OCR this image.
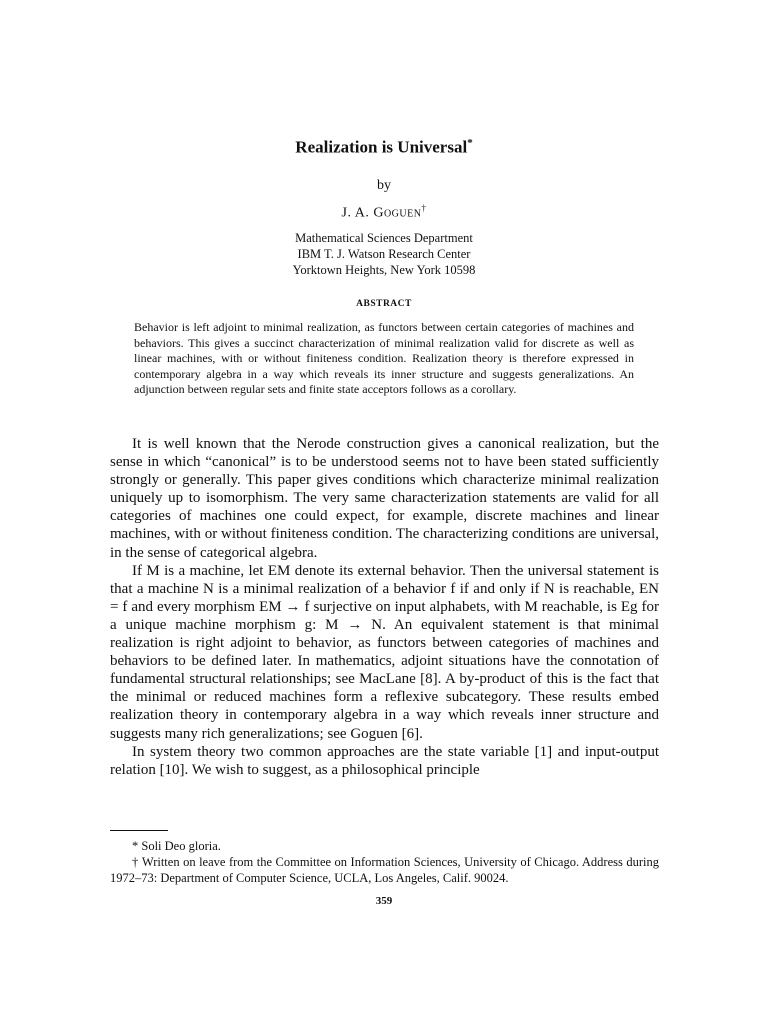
Realization is Universal*
by
J. A. Goguen†
Mathematical Sciences Department
IBM T. J. Watson Research Center
Yorktown Heights, New York 10598
ABSTRACT
Behavior is left adjoint to minimal realization, as functors between certain categories of machines and behaviors. This gives a succinct characterization of minimal realization valid for discrete as well as linear machines, with or without finiteness condition. Realization theory is therefore expressed in contemporary algebra in a way which reveals its inner structure and suggests generalizations. An adjunction between regular sets and finite state acceptors follows as a corollary.

It is well known that the Nerode construction gives a canonical realization, but the sense in which “canonical” is to be understood seems not to have been stated sufficiently strongly or generally. This paper gives conditions which characterize minimal realization uniquely up to isomorphism. The very same characterization statements are valid for all categories of machines one could expect, for example, discrete machines and linear machines, with or without finiteness condition. The characterizing conditions are universal, in the sense of categorical algebra.

If M is a machine, let EM denote its external behavior. Then the universal statement is that a machine N is a minimal realization of a behavior f if and only if N is reachable, EN = f and every morphism EM → f surjective on input alphabets, with M reachable, is Eg for a unique machine morphism g: M → N. An equivalent statement is that minimal realization is right adjoint to behavior, as functors between categories of machines and behaviors to be defined later. In mathematics, adjoint situations have the connotation of fundamental structural relationships; see MacLane [8]. A by-product of this is the fact that the minimal or reduced machines form a reflexive subcategory. These results embed realization theory in contemporary algebra in a way which reveals inner structure and suggests many rich generalizations; see Goguen [6].

In system theory two common approaches are the state variable [1] and input-output relation [10]. We wish to suggest, as a philosophical principle

* Soli Deo gloria.

† Written on leave from the Committee on Information Sciences, University of Chicago. Address during 1972–73: Department of Computer Science, UCLA, Los Angeles, Calif. 90024.

359
